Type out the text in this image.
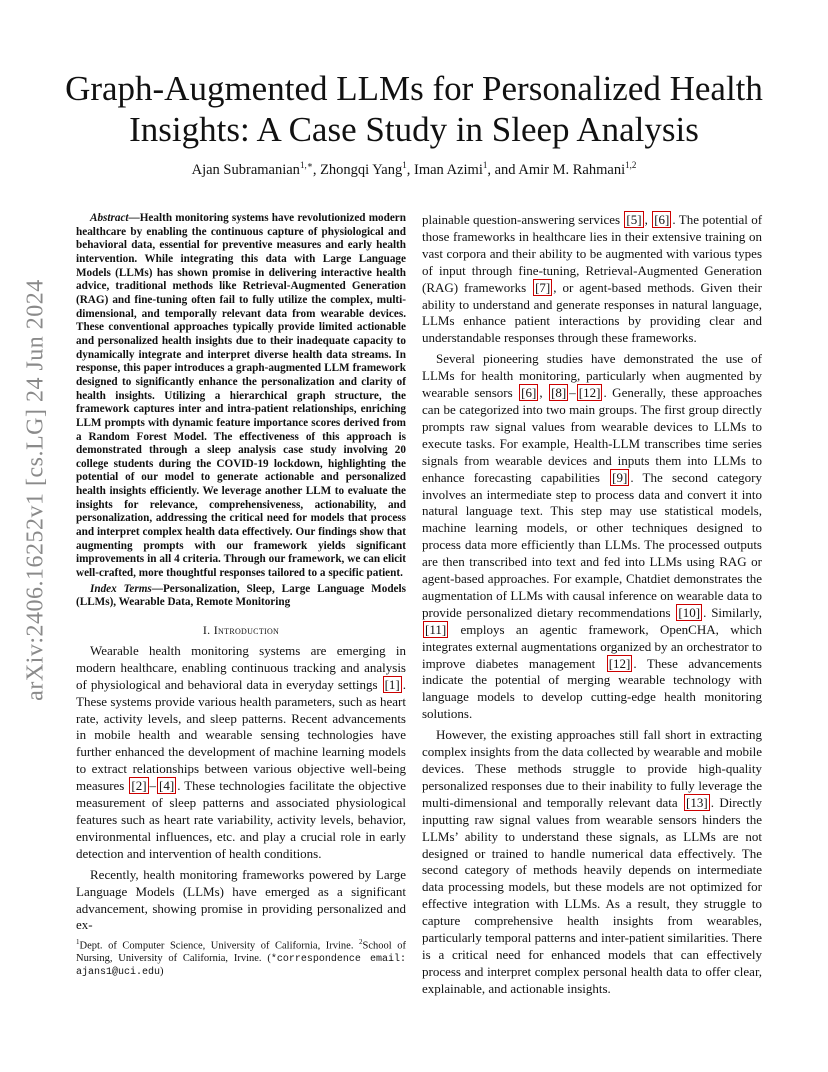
arXiv:2406.16252v1 [cs.LG] 24 Jun 2024
Graph-Augmented LLMs for Personalized Health Insights: A Case Study in Sleep Analysis
Ajan Subramanian$^{1,∗}$, Zhongqi Yang$^1$, Iman Azimi$^1$, and Amir M. Rahmani$^{1,2}$

Abstract—Health monitoring systems have revolutionized modern healthcare by enabling the continuous capture of physiological and behavioral data, essential for preventive measures and early health intervention. While integrating this data with Large Language Models (LLMs) has shown promise in delivering interactive health advice, traditional methods like Retrieval-Augmented Generation (RAG) and fine-tuning often fail to fully utilize the complex, multi-dimensional, and temporally relevant data from wearable devices. These conventional approaches typically provide limited actionable and personalized health insights due to their inadequate capacity to dynamically integrate and interpret diverse health data streams. In response, this paper introduces a graph-augmented LLM framework designed to significantly enhance the personalization and clarity of health insights. Utilizing a hierarchical graph structure, the framework captures inter and intra-patient relationships, enriching LLM prompts with dynamic feature importance scores derived from a Random Forest Model. The effectiveness of this approach is demonstrated through a sleep analysis case study involving 20 college students during the COVID-19 lockdown, highlighting the potential of our model to generate actionable and personalized health insights efficiently. We leverage another LLM to evaluate the insights for relevance, comprehensiveness, actionability, and personalization, addressing the critical need for models that process and interpret complex health data effectively. Our findings show that augmenting prompts with our framework yields significant improvements in all 4 criteria. Through our framework, we can elicit well-crafted, more thoughtful responses tailored to a specific patient.

Index Terms—Personalization, Sleep, Large Language Models (LLMs), Wearable Data, Remote Monitoring

I. Introduction

Wearable health monitoring systems are emerging in modern healthcare, enabling continuous tracking and analysis of physiological and behavioral data in everyday settings [1] . These systems provide various health parameters, such as heart rate, activity levels, and sleep patterns. Recent advancements in mobile health and wearable sensing technologies have further enhanced the development of machine learning models to extract relationships between various objective well-being measures [2] – [4] . These technologies facilitate the objective measurement of sleep patterns and associated physiological features such as heart rate variability, activity levels, behavior, environmental influences, etc. and play a crucial role in early detection and intervention of health conditions.

Recently, health monitoring frameworks powered by Large Language Models (LLMs) have emerged as a significant advancement, showing promise in providing personalized and ex-

$^1$Dept. of Computer Science, University of California, Irvine. $^2$School of Nursing, University of California, Irvine. (*correspondence email: ajans1@uci.edu)

plainable question-answering services [5] , [6] . The potential of those frameworks in healthcare lies in their extensive training on vast corpora and their ability to be augmented with various types of input through fine-tuning, Retrieval-Augmented Generation (RAG) frameworks [7] , or agent-based methods. Given their ability to understand and generate responses in natural language, LLMs enhance patient interactions by providing clear and understandable responses through these frameworks.

Several pioneering studies have demonstrated the use of LLMs for health monitoring, particularly when augmented by wearable sensors [6] , [8] – [12] . Generally, these approaches can be categorized into two main groups. The first group directly prompts raw signal values from wearable devices to LLMs to execute tasks. For example, Health-LLM transcribes time series signals from wearable devices and inputs them into LLMs to enhance forecasting capabilities [9] . The second category involves an intermediate step to process data and convert it into natural language text. This step may use statistical models, machine learning models, or other techniques designed to process data more efficiently than LLMs. The processed outputs are then transcribed into text and fed into LLMs using RAG or agent-based approaches. For example, Chatdiet demonstrates the augmentation of LLMs with causal inference on wearable data to provide personalized dietary recommendations [10] . Similarly, [11] employs an agentic framework, OpenCHA, which integrates external augmentations organized by an orchestrator to improve diabetes management [12] . These advancements indicate the potential of merging wearable technology with language models to develop cutting-edge health monitoring solutions.

However, the existing approaches still fall short in extracting complex insights from the data collected by wearable and mobile devices. These methods struggle to provide high-quality personalized responses due to their inability to fully leverage the multi-dimensional and temporally relevant data [13] . Directly inputting raw signal values from wearable sensors hinders the LLMs’ ability to understand these signals, as LLMs are not designed or trained to handle numerical data effectively. The second category of methods heavily depends on intermediate data processing models, but these models are not optimized for effective integration with LLMs. As a result, they struggle to capture comprehensive health insights from wearables, particularly temporal patterns and inter-patient similarities. There is a critical need for enhanced models that can effectively process and interpret complex personal health data to offer clear, explainable, and actionable insights.
